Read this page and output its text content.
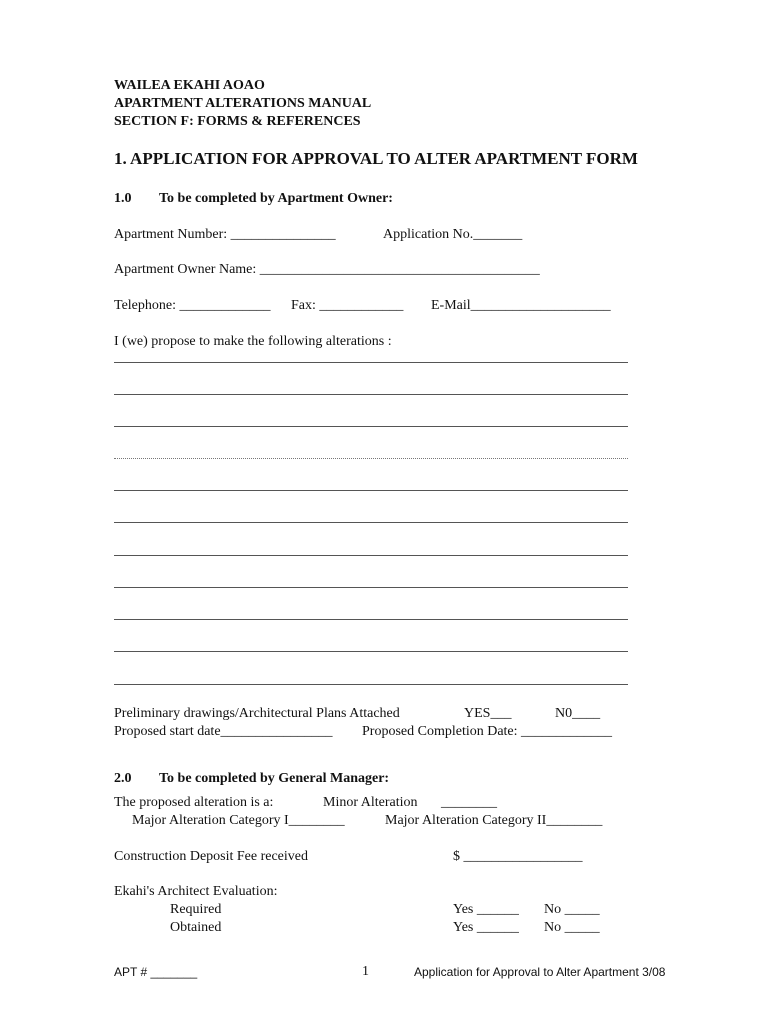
WAILEA EKAHI AOAO
APARTMENT ALTERATIONS MANUAL
SECTION F: FORMS & REFERENCES
1. APPLICATION FOR APPROVAL TO ALTER APARTMENT FORM
1.0 To be completed by Apartment Owner:
Apartment Number: _______________	Application No._______
Apartment Owner Name: ________________________________________
Telephone: _____________ Fax: ____________ E-Mail____________________
I (we) propose to make the following alterations :
Preliminary drawings/Architectural Plans Attached	YES___	N0____
Proposed start date________________ Proposed Completion Date: _____________
2.0 To be completed by General Manager:
The proposed alteration is a:	Minor Alteration ________
Major Alteration Category I________	Major Alteration Category II________
Construction Deposit Fee received	$ _________________
Ekahi's Architect Evaluation:
Required	Yes ______ No _____
Obtained	Yes ______ No _____
APT # _______	1	Application for Approval to Alter Apartment 3/08
